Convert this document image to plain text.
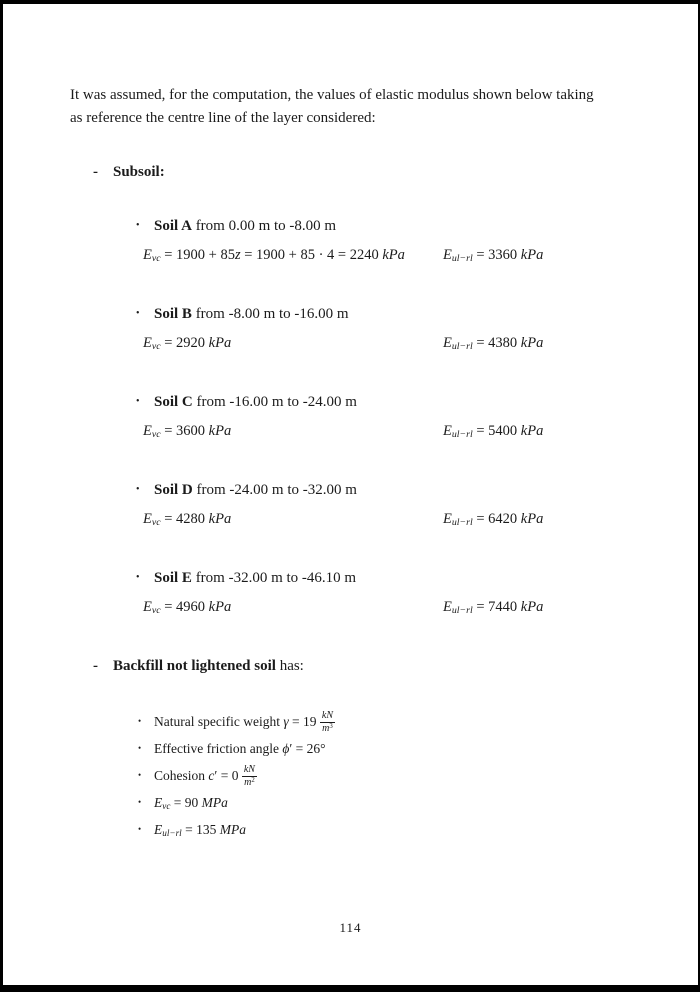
It was assumed, for the computation, the values of elastic modulus shown below taking
as reference the centre line of the layer considered:
- Subsoil:
• Soil A from 0.00 m to -8.00 m
$E_{vc} = 1900 + 85z = 1900 + 85 \cdot 4 = 2240$ kPa	$E_{ul-rl} = 3360$ kPa
• Soil B from -8.00 m to -16.00 m
$E_{vc} = 2920$ kPa	$E_{ul-rl} = 4380$ kPa
• Soil C from -16.00 m to -24.00 m
$E_{vc} = 3600$ kPa	$E_{ul-rl} = 5400$ kPa
• Soil D from -24.00 m to -32.00 m
$E_{vc} = 4280$ kPa	$E_{ul-rl} = 6420$ kPa
• Soil E from -32.00 m to -46.10 m
$E_{vc} = 4960$ kPa	$E_{ul-rl} = 7440$ kPa
- Backfill not lightened soil has:
• Natural specific weight $\gamma = 19 \frac{kN}{m^3}$
• Effective friction angle ϕ′ = 26°
• Cohesion $c' = 0 \frac{kN}{m^2}$
• $E_{vc} = 90$ MPa
• $E_{ul-rl} = 135$ MPa
114
